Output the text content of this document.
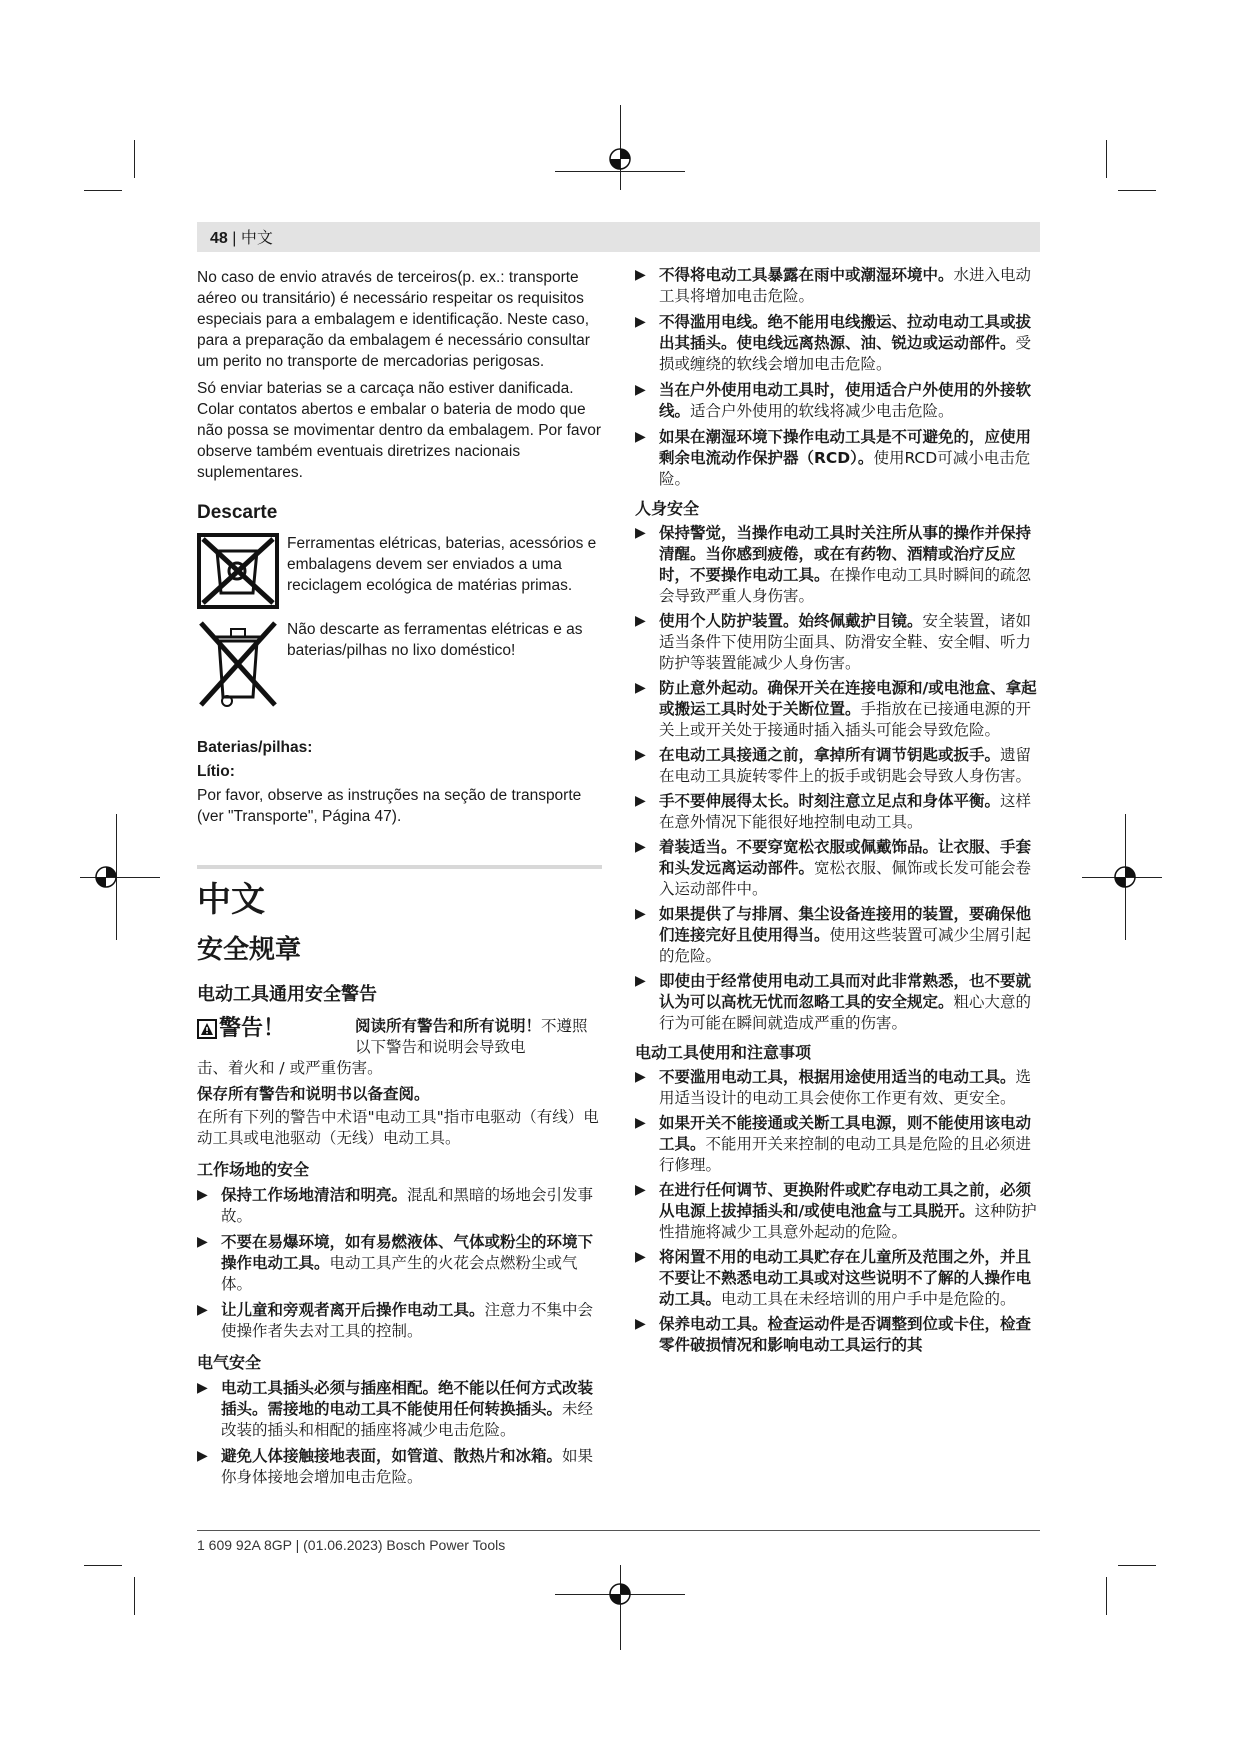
48 | 中文

No caso de envio através de terceiros(p. ex.: transporte aéreo ou transitário) é necessário respeitar os requisitos especiais para a embalagem e identificação. Neste caso, para a preparação da embalagem é necessário consultar um perito no transporte de mercadorias perigosas.

Só enviar baterias se a carcaça não estiver danificada. Colar contatos abertos e embalar o bateria de modo que não possa se movimentar dentro da embalagem. Por favor observe também eventuais diretrizes nacionais suplementares.

Descarte

Ferramentas elétricas, baterias, acessórios e embalagens devem ser enviados a uma reciclagem ecológica de matérias primas.

Não descarte as ferramentas elétricas e as baterias/pilhas no lixo doméstico!

Baterias/pilhas:

Lítio:

Por favor, observe as instruções na seção de transporte (ver "Transporte", Página 47).

中文

安全规章

电动工具通用安全警告

警告！	阅读所有警告和所有说明！不遵照以下警告和说明会导致电

击、着火和 / 或严重伤害。

保存所有警告和说明书以备查阅。

在所有下列的警告中术语"电动工具"指市电驱动（有线）电动工具或电池驱动（无线）电动工具。

工作场地的安全

▶ 保持工作场地清洁和明亮。混乱和黑暗的场地会引发事故。

▶ 不要在易爆环境，如有易燃液体、气体或粉尘的环境下操作电动工具。电动工具产生的火花会点燃粉尘或气体。

▶ 让儿童和旁观者离开后操作电动工具。注意力不集中会使操作者失去对工具的控制。

电气安全

▶ 电动工具插头必须与插座相配。绝不能以任何方式改装插头。需接地的电动工具不能使用任何转换插头。未经改装的插头和相配的插座将减少电击危险。

▶ 避免人体接触接地表面，如管道、散热片和冰箱。如果你身体接地会增加电击危险。

▶ 不得将电动工具暴露在雨中或潮湿环境中。水进入电动工具将增加电击危险。

▶ 不得滥用电线。绝不能用电线搬运、拉动电动工具或拔出其插头。使电线远离热源、油、锐边或运动部件。受损或缠绕的软线会增加电击危险。

▶ 当在户外使用电动工具时，使用适合户外使用的外接软线。适合户外使用的软线将减少电击危险。

▶ 如果在潮湿环境下操作电动工具是不可避免的，应使用剩余电流动作保护器（RCD）。使用RCD可减小电击危险。

人身安全

▶ 保持警觉，当操作电动工具时关注所从事的操作并保持清醒。当你感到疲倦，或在有药物、酒精或治疗反应时，不要操作电动工具。在操作电动工具时瞬间的疏忽会导致严重人身伤害。

▶ 使用个人防护装置。始终佩戴护目镜。安全装置，诸如适当条件下使用防尘面具、防滑安全鞋、安全帽、听力防护等装置能减少人身伤害。

▶ 防止意外起动。确保开关在连接电源和/或电池盒、拿起或搬运工具时处于关断位置。手指放在已接通电源的开关上或开关处于接通时插入插头可能会导致危险。

▶ 在电动工具接通之前，拿掉所有调节钥匙或扳手。遗留在电动工具旋转零件上的扳手或钥匙会导致人身伤害。

▶ 手不要伸展得太长。时刻注意立足点和身体平衡。这样在意外情况下能很好地控制电动工具。

▶ 着装适当。不要穿宽松衣服或佩戴饰品。让衣服、手套和头发远离运动部件。宽松衣服、佩饰或长发可能会卷入运动部件中。

▶ 如果提供了与排屑、集尘设备连接用的装置，要确保他们连接完好且使用得当。使用这些装置可减少尘屑引起的危险。

▶ 即使由于经常使用电动工具而对此非常熟悉，也不要就认为可以高枕无忧而忽略工具的安全规定。粗心大意的行为可能在瞬间就造成严重的伤害。

电动工具使用和注意事项

▶ 不要滥用电动工具，根据用途使用适当的电动工具。选用适当设计的电动工具会使你工作更有效、更安全。

▶ 如果开关不能接通或关断工具电源，则不能使用该电动工具。不能用开关来控制的电动工具是危险的且必须进行修理。

▶ 在进行任何调节、更换附件或贮存电动工具之前，必须从电源上拔掉插头和/或使电池盒与工具脱开。这种防护性措施将减少工具意外起动的危险。

▶ 将闲置不用的电动工具贮存在儿童所及范围之外，并且不要让不熟悉电动工具或对这些说明不了解的人操作电动工具。电动工具在未经培训的用户手中是危险的。

▶ 保养电动工具。检查运动件是否调整到位或卡住，检查零件破损情况和影响电动工具运行的其

1 609 92A 8GP | (01.06.2023) Bosch Power Tools
